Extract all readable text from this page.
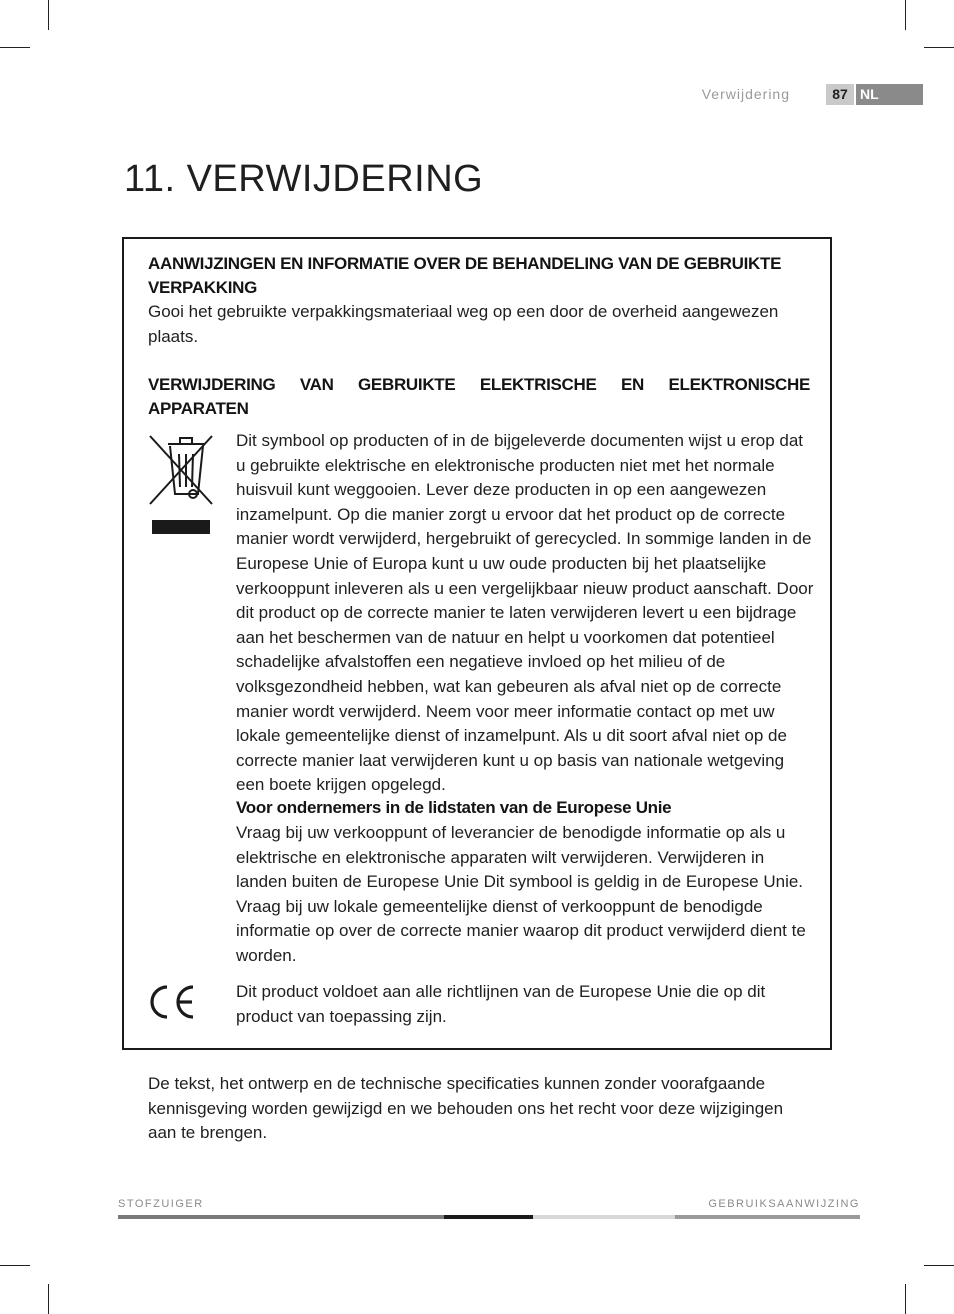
Verwijdering	87 NL
11. VERWIJDERING
AANWIJZINGEN EN INFORMATIE OVER DE BEHANDELING VAN DE GEBRUIKTE VERPAKKING
Gooi het gebruikte verpakkingsmateriaal weg op een door de overheid aangewezen plaats.
VERWIJDERING VAN GEBRUIKTE ELEKTRISCHE EN ELEKTRONISCHE APPARATEN
Dit symbool op producten of in de bijgeleverde documenten wijst u erop dat u gebruikte elektrische en elektronische producten niet met het normale huisvuil kunt weggooien. Lever deze producten in op een aangewezen inzamelpunt. Op die manier zorgt u ervoor dat het product op de correcte manier wordt verwijderd, hergebruikt of gerecycled. In sommige landen in de Europese Unie of Europa kunt u uw oude producten bij het plaatselijke verkooppunt inleveren als u een vergelijkbaar nieuw product aanschaft. Door dit product op de correcte manier te laten verwijderen levert u een bijdrage aan het beschermen van de natuur en helpt u voorkomen dat potentieel schadelijke afvalstoffen een negatieve invloed op het milieu of de volksgezondheid hebben, wat kan gebeuren als afval niet op de correcte manier wordt verwijderd. Neem voor meer informatie contact op met uw lokale gemeentelijke dienst of inzamelpunt. Als u dit soort afval niet op de correcte manier laat verwijderen kunt u op basis van nationale wetgeving een boete krijgen opgelegd.
Voor ondernemers in de lidstaten van de Europese Unie
Vraag bij uw verkooppunt of leverancier de benodigde informatie op als u elektrische en elektronische apparaten wilt verwijderen. Verwijderen in landen buiten de Europese Unie Dit symbool is geldig in de Europese Unie. Vraag bij uw lokale gemeentelijke dienst of verkooppunt de benodigde informatie op over de correcte manier waarop dit product verwijderd dient te worden.
Dit product voldoet aan alle richtlijnen van de Europese Unie die op dit product van toepassing zijn.
De tekst, het ontwerp en de technische specificaties kunnen zonder voorafgaande kennisgeving worden gewijzigd en we behouden ons het recht voor deze wijzigingen aan te brengen.
STOFZUIGER	GEBRUIKSAANWIJZING
